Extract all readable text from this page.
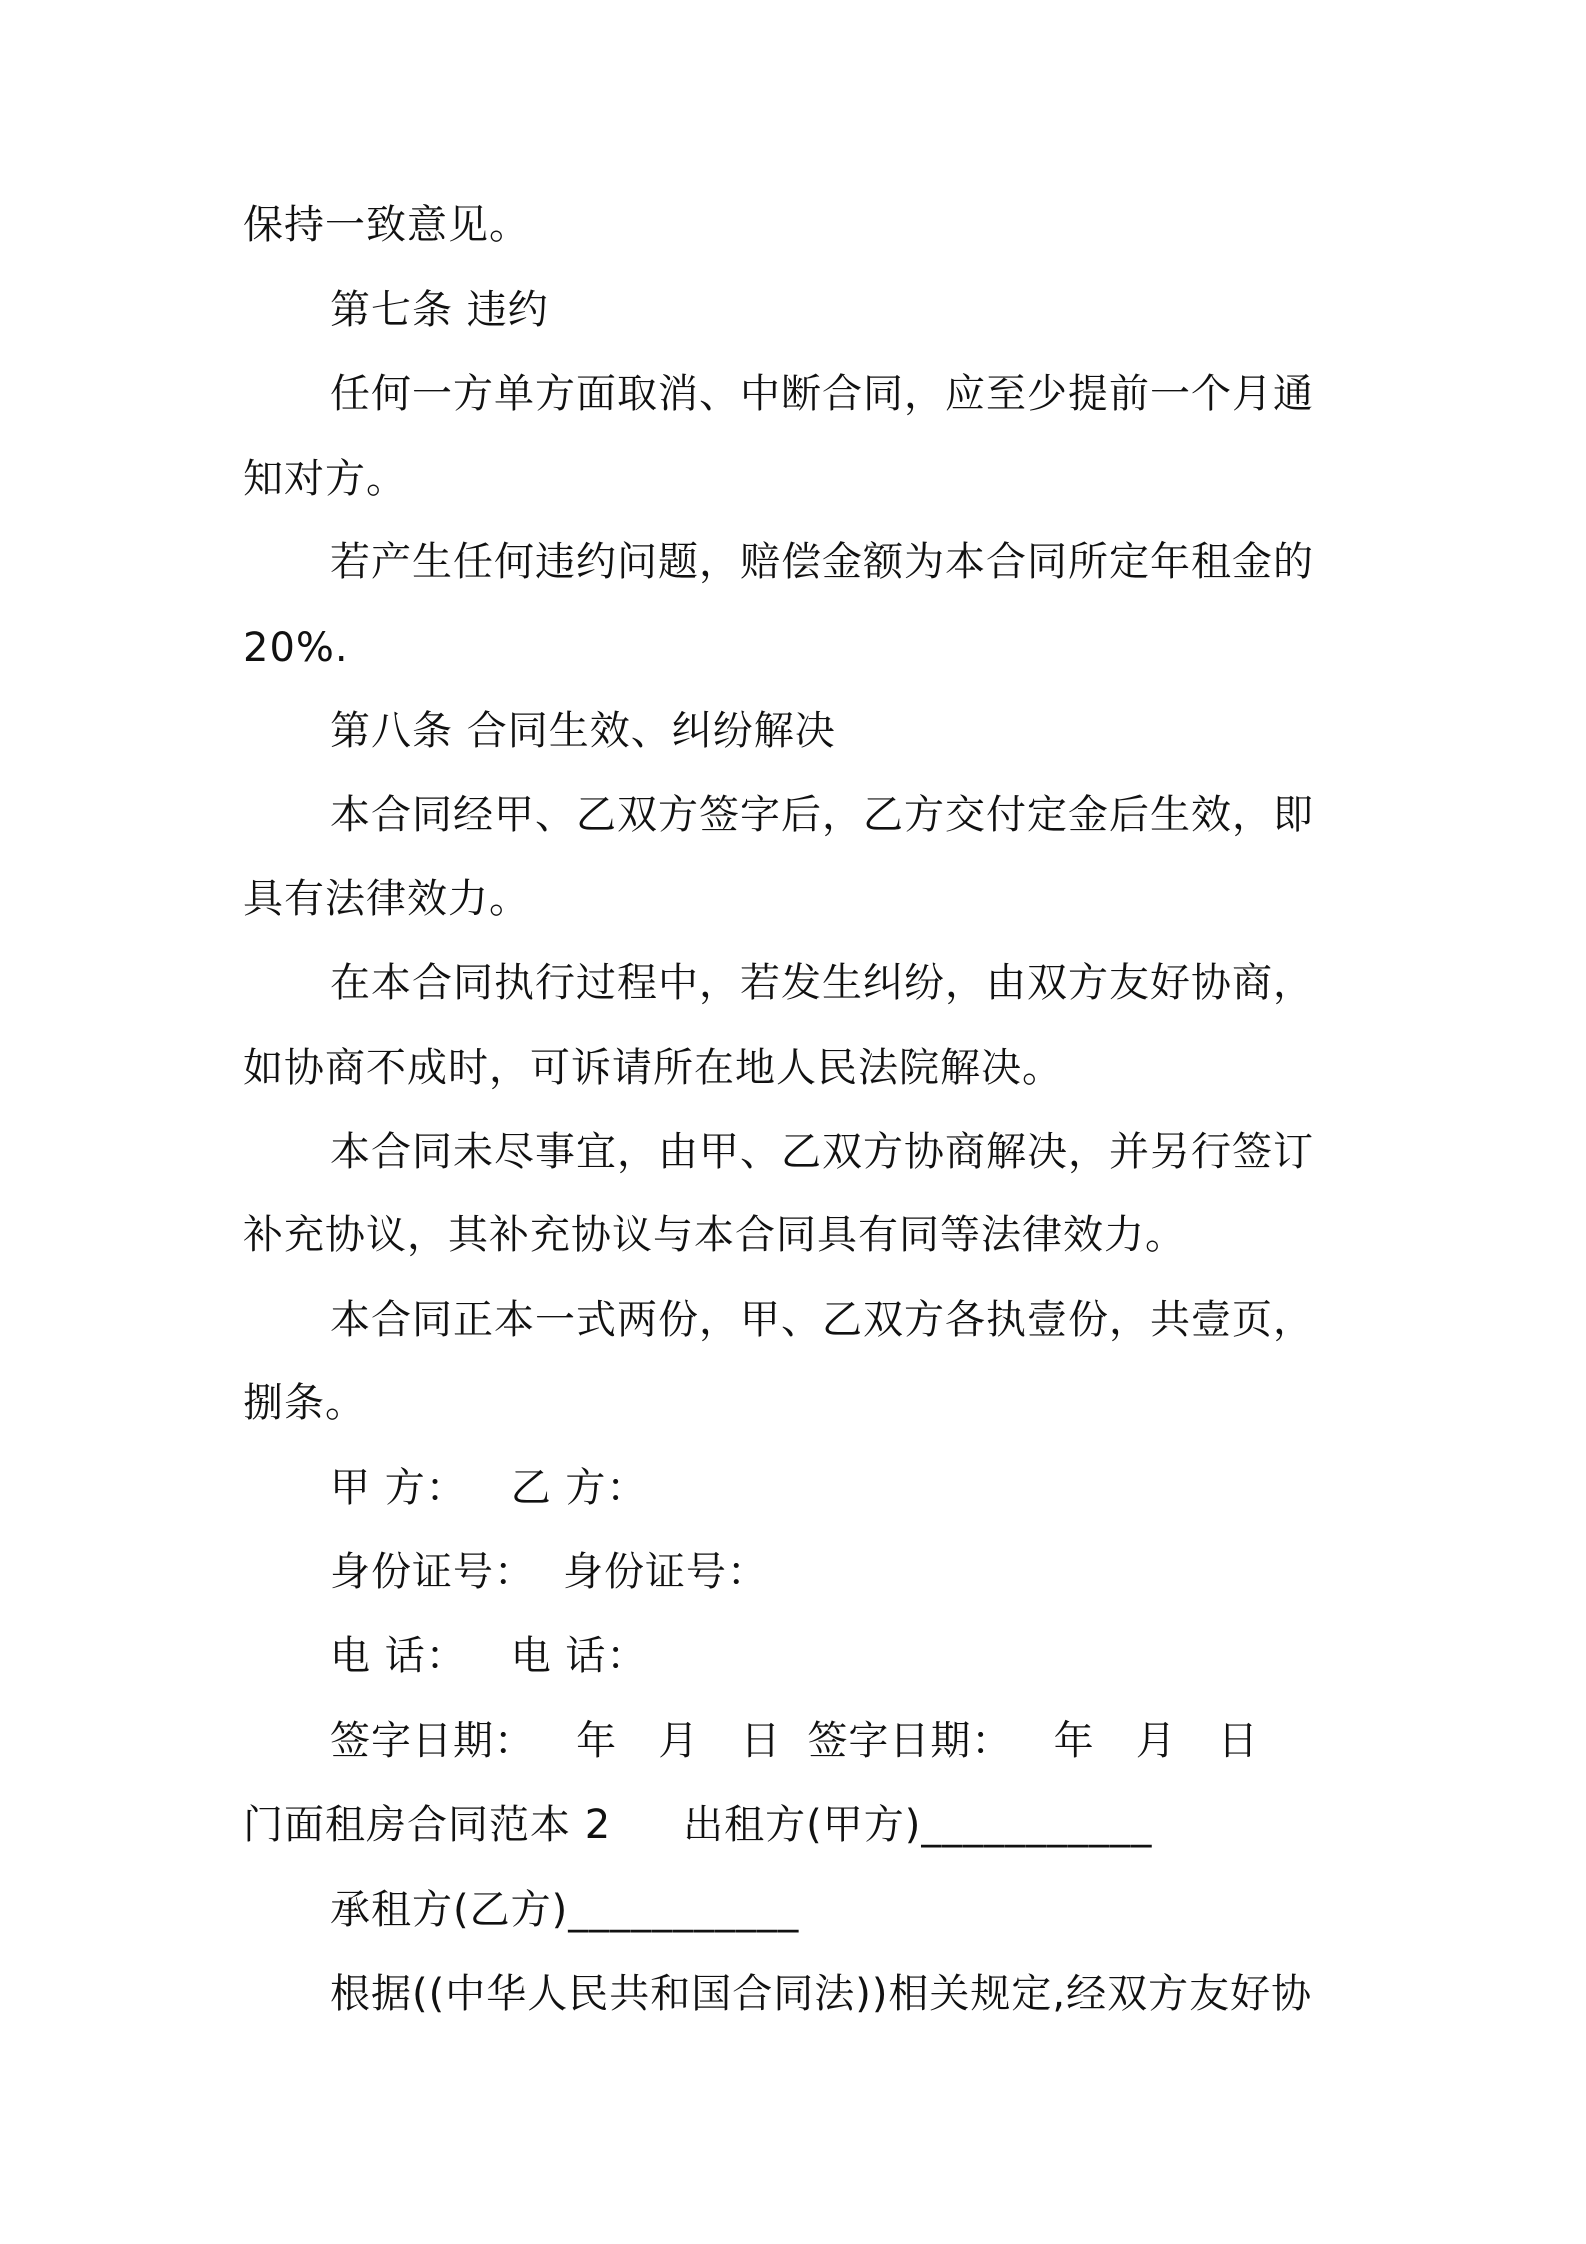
保持一致意见。
第七条 违约
任何一方单方面取消、中断合同，应至少提前一个月通
知对方。
若产生任何违约问题，赔偿金额为本合同所定年租金的
20%.
第八条 合同生效、纠纷解决
本合同经甲、乙双方签字后，乙方交付定金后生效，即
具有法律效力。
在本合同执行过程中，若发生纠纷，由双方友好协商，
如协商不成时，可诉请所在地人民法院解决。
本合同未尽事宜，由甲、乙双方协商解决，并另行签订
补充协议，其补充协议与本合同具有同等法律效力。
本合同正本一式两份，甲、乙双方各执壹份，共壹页，
捌条。
甲 方： 乙 方：
身份证号： 身份证号：
电 话： 电 话：
签字日期：   年   月   日 签字日期：   年   月   日
门面租房合同范本 2 出租方(甲方)___________
承租方(乙方)___________
根据((中华人民共和国合同法))相关规定,经双方友好协
